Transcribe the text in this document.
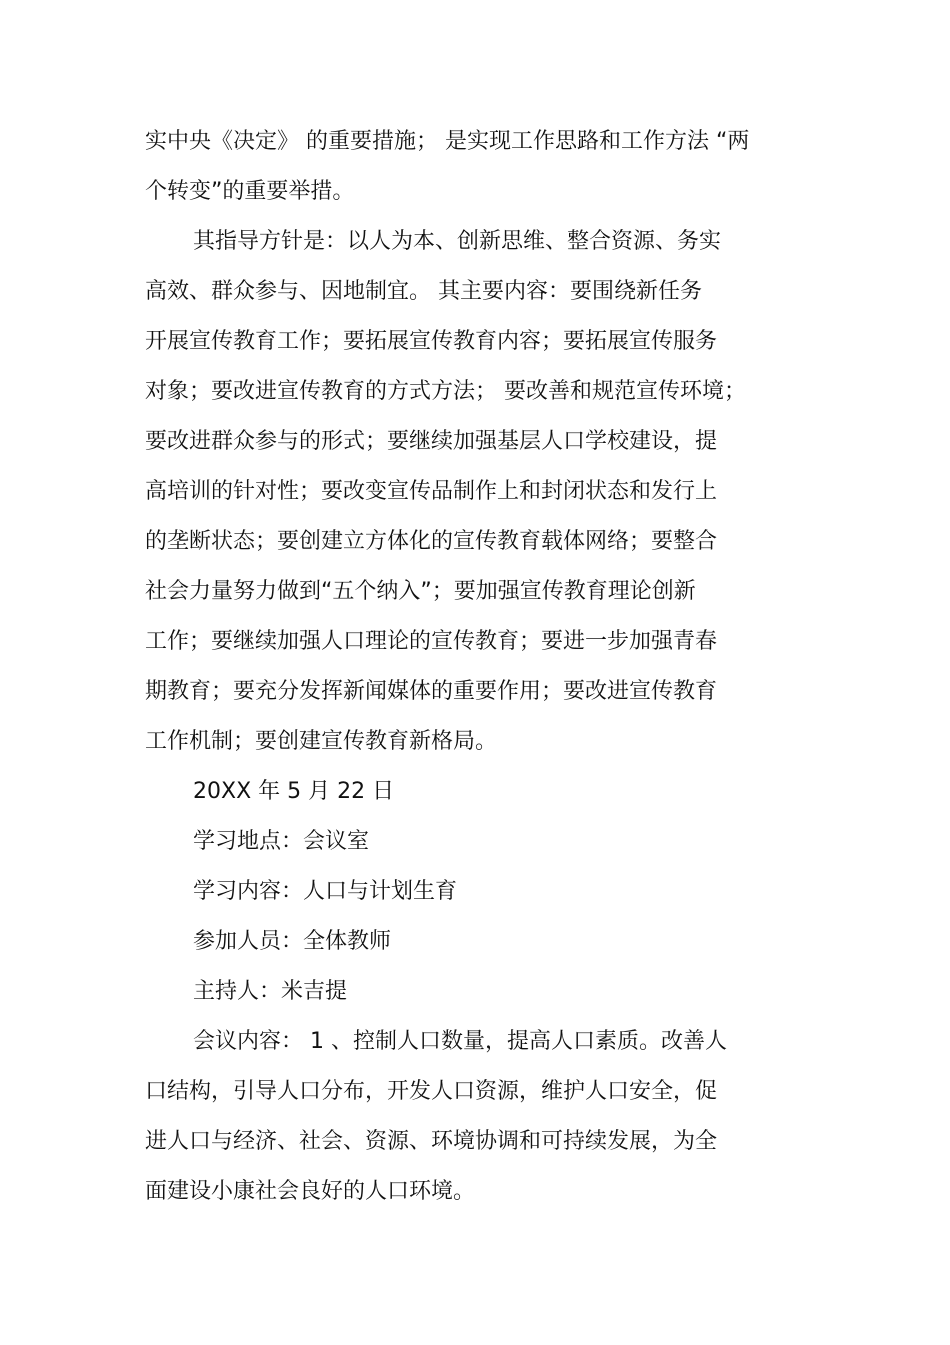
实中央《决定》 的重要措施； 是实现工作思路和工作方法 “两
个转变”的重要举措。
其指导方针是：以人为本、创新思维、整合资源、务实
高效、群众参与、因地制宜。 其主要内容：要围绕新任务
开展宣传教育工作；要拓展宣传教育内容；要拓展宣传服务
对象；要改进宣传教育的方式方法； 要改善和规范宣传环境；
要改进群众参与的形式；要继续加强基层人口学校建设，提
高培训的针对性；要改变宣传品制作上和封闭状态和发行上
的垄断状态；要创建立方体化的宣传教育载体网络；要整合
社会力量努力做到“五个纳入”；要加强宣传教育理论创新
工作；要继续加强人口理论的宣传教育；要进一步加强青春
期教育；要充分发挥新闻媒体的重要作用；要改进宣传教育
工作机制；要创建宣传教育新格局。
20XX 年 5 月 22 日
学习地点：会议室
学习内容：人口与计划生育
参加人员：全体教师
主持人：米吉提
会议内容： 1 、控制人口数量，提高人口素质。改善人
口结构，引导人口分布，开发人口资源，维护人口安全，促
进人口与经济、社会、资源、环境协调和可持续发展，为全
面建设小康社会良好的人口环境。
